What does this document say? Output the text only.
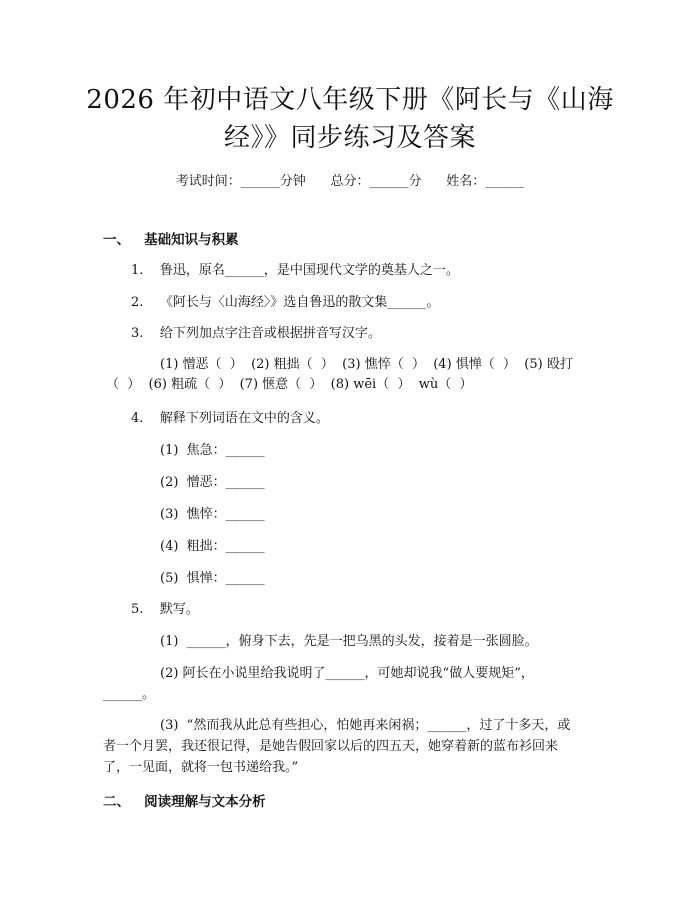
2026 年初中语文八年级下册《阿长与《山海
经》》同步练习及答案
考试时间：______分钟      总分：______分      姓名：______
一、   基础知识与积累
1.    鲁迅，原名______，是中国现代文学的奠基人之一。
2.    《阿长与〈山海经〉》选自鲁迅的散文集______。
3.    给下列加点字注音或根据拼音写汉字。
(1) 憎恶（  ）  (2) 粗拙（  ）  (3) 憔悴（  ）  (4) 惧惮（  ）  (5) 殴打
（  ）  (6) 粗疏（  ）  (7) 惬意（  ）  (8) wēi（  ）  wù（  ）
4.    解释下列词语在文中的含义。
(1)  焦急：______
(2)  憎恶：______
(3)  憔悴：______
(4)  粗拙：______
(5)  惧惮：______
5.    默写。
(1)  ______，俯身下去，先是一把乌黑的头发，接着是一张圆脸。
(2) 阿长在小说里给我说明了______，可她却说我“做人要规矩”，
______。
(3)  “然而我从此总有些担心，怕她再来闲祸；______，过了十多天，或
者一个月罢，我还很记得，是她告假回家以后的四五天，她穿着新的蓝布衫回来
了，一见面，就将一包书递给我。”
二、   阅读理解与文本分析
